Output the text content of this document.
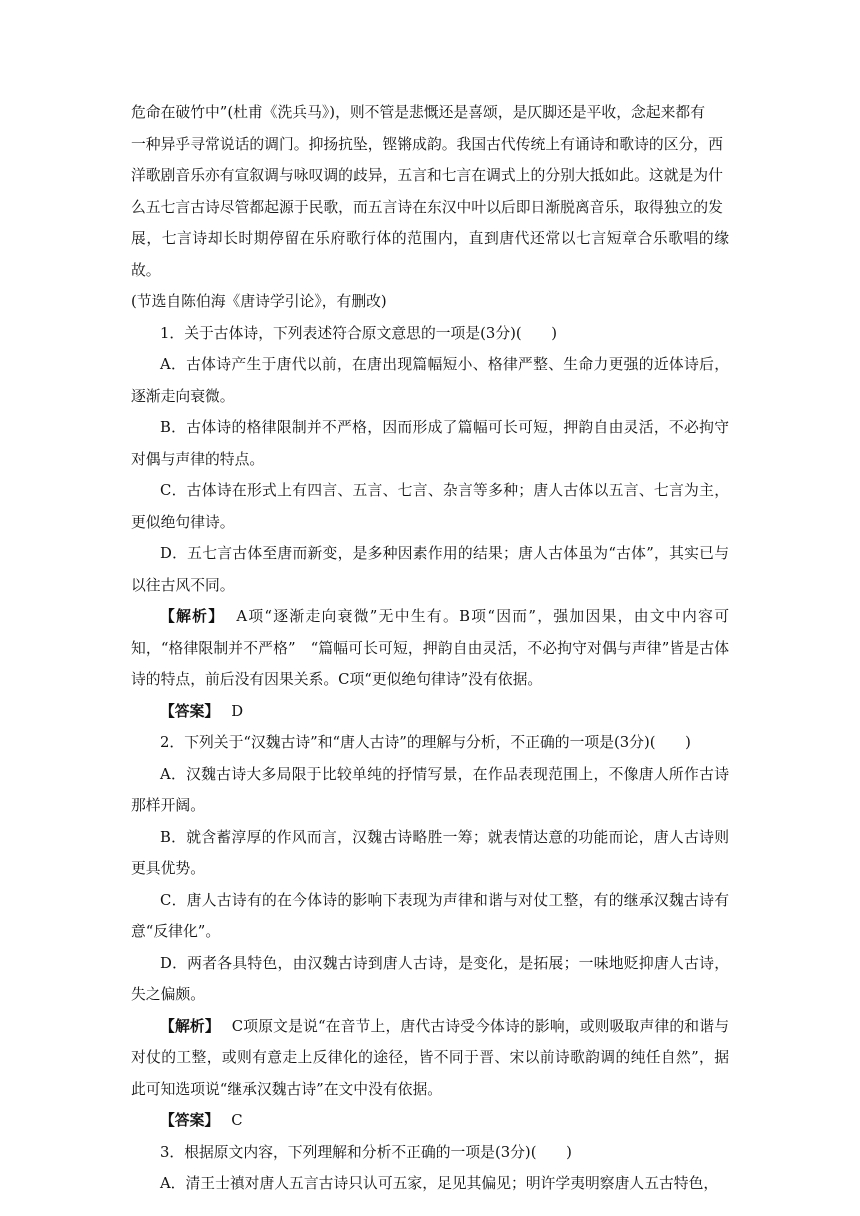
危命在破竹中”(杜甫《洗兵马》)，则不管是悲慨还是喜颂，是仄脚还是平收，念起来都有

一种异乎寻常说话的调门。抑扬抗坠，铿锵成韵。我国古代传统上有诵诗和歌诗的区分，西

洋歌剧音乐亦有宣叙调与咏叹调的歧异，五言和七言在调式上的分别大抵如此。这就是为什

么五七言古诗尽管都起源于民歌，而五言诗在东汉中叶以后即日渐脱离音乐，取得独立的发

展，七言诗却长时期停留在乐府歌行体的范围内，直到唐代还常以七言短章合乐歌唱的缘故。

(节选自陈伯海《唐诗学引论》，有删改)

1．关于古体诗，下列表述符合原文意思的一项是(3分)(　　)

A．古体诗产生于唐代以前，在唐出现篇幅短小、格律严整、生命力更强的近体诗后，逐渐走向衰微。

B．古体诗的格律限制并不严格，因而形成了篇幅可长可短，押韵自由灵活，不必拘守对偶与声律的特点。

C．古体诗在形式上有四言、五言、七言、杂言等多种；唐人古体以五言、七言为主，更似绝句律诗。

D．五七言古体至唐而新变，是多种因素作用的结果；唐人古体虽为“古体”，其实已与以往古风不同。

【解析】 A项“逐渐走向衰微”无中生有。B项“因而”，强加因果，由文中内容可知，“格律限制并不严格”　“篇幅可长可短，押韵自由灵活，不必拘守对偶与声律”皆是古体诗的特点，前后没有因果关系。C项“更似绝句律诗”没有依据。

【答案】 D

2．下列关于“汉魏古诗”和“唐人古诗”的理解与分析，不正确的一项是(3分)(　　)

A．汉魏古诗大多局限于比较单纯的抒情写景，在作品表现范围上，不像唐人所作古诗那样开阔。

B．就含蓄淳厚的作风而言，汉魏古诗略胜一筹；就表情达意的功能而论，唐人古诗则更具优势。

C．唐人古诗有的在今体诗的影响下表现为声律和谐与对仗工整，有的继承汉魏古诗有意“反律化”。

D．两者各具特色，由汉魏古诗到唐人古诗，是变化，是拓展；一味地贬抑唐人古诗，失之偏颇。

【解析】 C项原文是说“在音节上，唐代古诗受今体诗的影响，或则吸取声律的和谐与对仗的工整，或则有意走上反律化的途径，皆不同于晋、宋以前诗歌韵调的纯任自然”，据此可知选项说“继承汉魏古诗”在文中没有依据。

【答案】 C

3．根据原文内容，下列理解和分析不正确的一项是(3分)(　　)

A．清王士禛对唐人五言古诗只认可五家，足见其偏见；明许学夷明察唐人五古特色，
